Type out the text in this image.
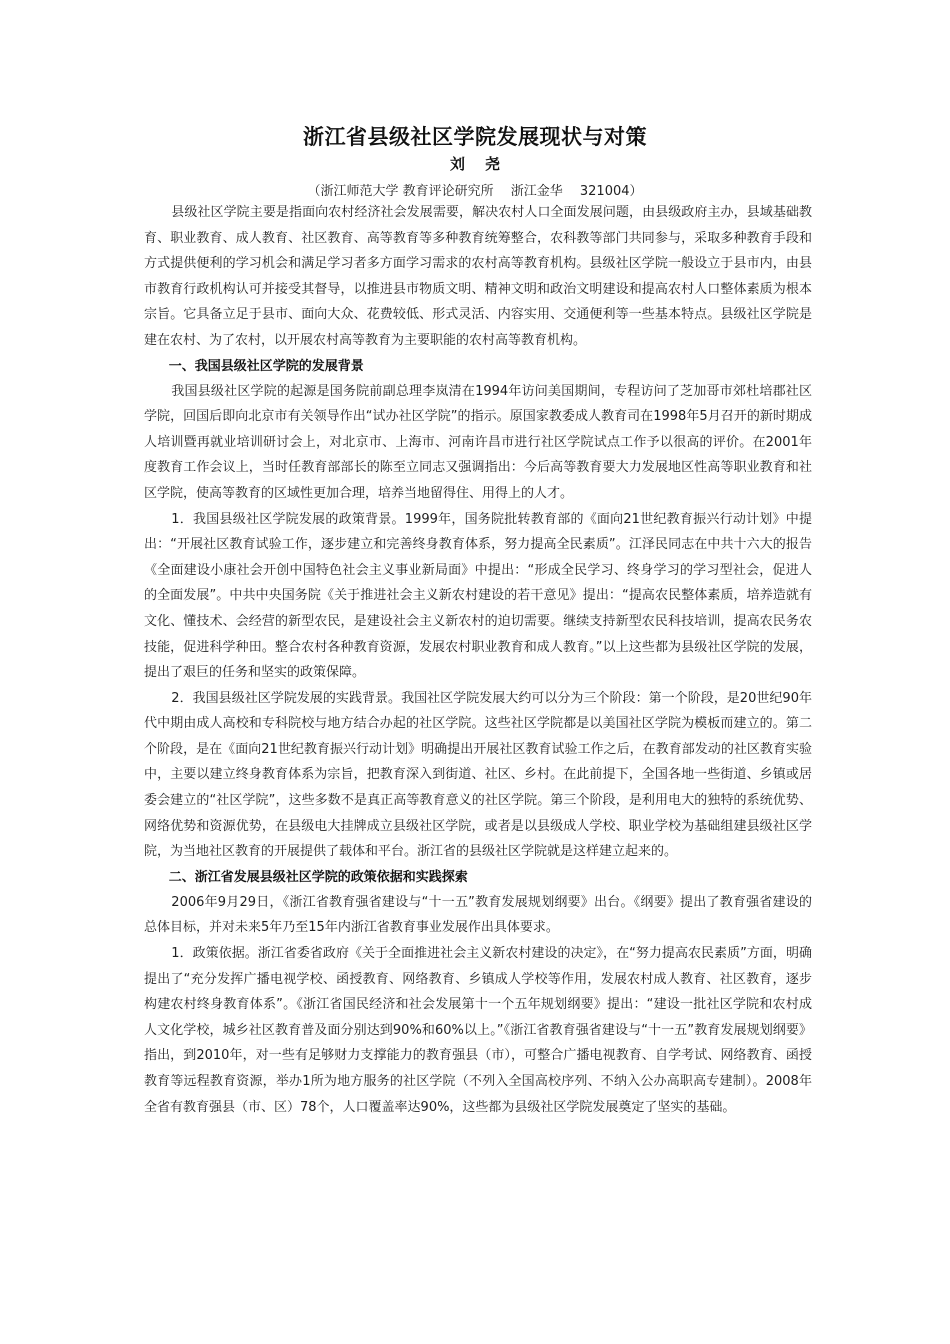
浙江省县级社区学院发展现状与对策
刘尧
（浙江师范大学 教育评论研究所　 浙江金华　 321004）

县级社区学院主要是指面向农村经济社会发展需要，解决农村人口全面发展问题，由县级政府主办，县域基础教育、职业教育、成人教育、社区教育、高等教育等多种教育统筹整合，农科教等部门共同参与，采取多种教育手段和方式提供便利的学习机会和满足学习者多方面学习需求的农村高等教育机构。县级社区学院一般设立于县市内，由县市教育行政机构认可并接受其督导，以推进县市物质文明、精神文明和政治文明建设和提高农村人口整体素质为根本宗旨。它具备立足于县市、面向大众、花费较低、形式灵活、内容实用、交通便利等一些基本特点。县级社区学院是建在农村、为了农村，以开展农村高等教育为主要职能的农村高等教育机构。

一、我国县级社区学院的发展背景

我国县级社区学院的起源是国务院前副总理李岚清在1994年访问美国期间，专程访问了芝加哥市郊杜培郡社区学院，回国后即向北京市有关领导作出“试办社区学院”的指示。原国家教委成人教育司在1998年5月召开的新时期成人培训暨再就业培训研讨会上，对北京市、上海市、河南许昌市进行社区学院试点工作予以很高的评价。在2001年度教育工作会议上，当时任教育部部长的陈至立同志又强调指出：今后高等教育要大力发展地区性高等职业教育和社区学院，使高等教育的区域性更加合理，培养当地留得住、用得上的人才。

1．我国县级社区学院发展的政策背景。1999年，国务院批转教育部的《面向21世纪教育振兴行动计划》中提出：“开展社区教育试验工作，逐步建立和完善终身教育体系，努力提高全民素质”。江泽民同志在中共十六大的报告《全面建设小康社会开创中国特色社会主义事业新局面》中提出：“形成全民学习、终身学习的学习型社会，促进人的全面发展”。中共中央国务院《关于推进社会主义新农村建设的若干意见》提出：“提高农民整体素质，培养造就有文化、懂技术、会经营的新型农民，是建设社会主义新农村的迫切需要。继续支持新型农民科技培训，提高农民务农技能，促进科学种田。整合农村各种教育资源，发展农村职业教育和成人教育。”以上这些都为县级社区学院的发展，提出了艰巨的任务和坚实的政策保障。

2．我国县级社区学院发展的实践背景。我国社区学院发展大约可以分为三个阶段：第一个阶段，是20世纪90年代中期由成人高校和专科院校与地方结合办起的社区学院。这些社区学院都是以美国社区学院为模板而建立的。第二个阶段，是在《面向21世纪教育振兴行动计划》明确提出开展社区教育试验工作之后，在教育部发动的社区教育实验中，主要以建立终身教育体系为宗旨，把教育深入到街道、社区、乡村。在此前提下，全国各地一些街道、乡镇或居委会建立的“社区学院”，这些多数不是真正高等教育意义的社区学院。第三个阶段，是利用电大的独特的系统优势、网络优势和资源优势，在县级电大挂牌成立县级社区学院，或者是以县级成人学校、职业学校为基础组建县级社区学院，为当地社区教育的开展提供了载体和平台。浙江省的县级社区学院就是这样建立起来的。

二、浙江省发展县级社区学院的政策依据和实践探索

2006年9月29日，《浙江省教育强省建设与“十一五”教育发展规划纲要》出台。《纲要》提出了教育强省建设的总体目标，并对未来5年乃至15年内浙江省教育事业发展作出具体要求。

1．政策依据。浙江省委省政府《关于全面推进社会主义新农村建设的决定》，在“努力提高农民素质”方面，明确提出了“充分发挥广播电视学校、函授教育、网络教育、乡镇成人学校等作用，发展农村成人教育、社区教育，逐步构建农村终身教育体系”。《浙江省国民经济和社会发展第十一个五年规划纲要》提出：“建设一批社区学院和农村成人文化学校，城乡社区教育普及面分别达到90%和60%以上。”《浙江省教育强省建设与“十一五”教育发展规划纲要》指出，到2010年，对一些有足够财力支撑能力的教育强县（市），可整合广播电视教育、自学考试、网络教育、函授教育等远程教育资源，举办1所为地方服务的社区学院（不列入全国高校序列、不纳入公办高职高专建制）。2008年全省有教育强县（市、区）78个，人口覆盖率达90%，这些都为县级社区学院发展奠定了坚实的基础。
